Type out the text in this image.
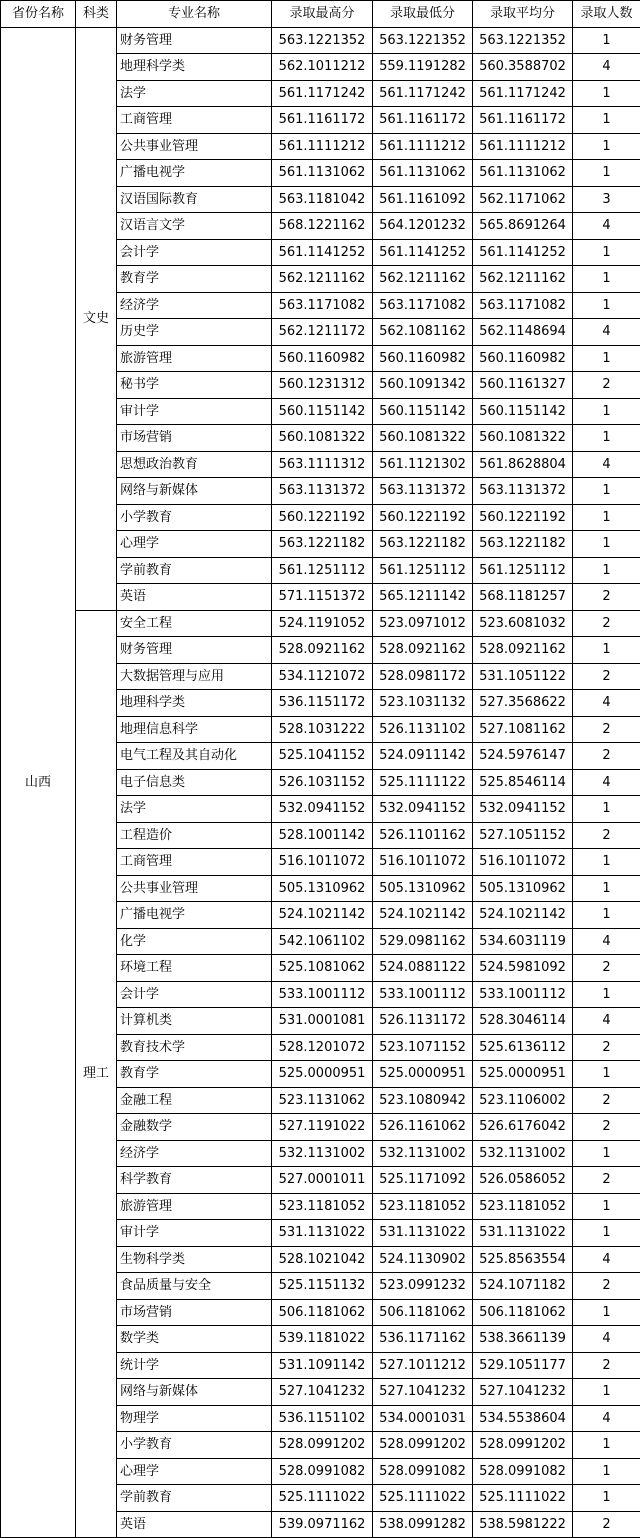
省份名称	科类	专业名称	录取最高分	录取最低分	录取平均分	录取人数
山西	文史	财务管理	563.1221352	563.1221352	563.1221352	1
		地理科学类	562.1011212	559.1191282	560.3588702	4
		法学	561.1171242	561.1171242	561.1171242	1
		工商管理	561.1161172	561.1161172	561.1161172	1
		公共事业管理	561.1111212	561.1111212	561.1111212	1
		广播电视学	561.1131062	561.1131062	561.1131062	1
		汉语国际教育	563.1181042	561.1161092	562.1171062	3
		汉语言文学	568.1221162	564.1201232	565.8691264	4
		会计学	561.1141252	561.1141252	561.1141252	1
		教育学	562.1211162	562.1211162	562.1211162	1
		经济学	563.1171082	563.1171082	563.1171082	1
		历史学	562.1211172	562.1081162	562.1148694	4
		旅游管理	560.1160982	560.1160982	560.1160982	1
		秘书学	560.1231312	560.1091342	560.1161327	2
		审计学	560.1151142	560.1151142	560.1151142	1
		市场营销	560.1081322	560.1081322	560.1081322	1
		思想政治教育	563.1111312	561.1121302	561.8628804	4
		网络与新媒体	563.1131372	563.1131372	563.1131372	1
		小学教育	560.1221192	560.1221192	560.1221192	1
		心理学	563.1221182	563.1221182	563.1221182	1
		学前教育	561.1251112	561.1251112	561.1251112	1
		英语	571.1151372	565.1211142	568.1181257	2
	理工	安全工程	524.1191052	523.0971012	523.6081032	2
		财务管理	528.0921162	528.0921162	528.0921162	1
		大数据管理与应用	534.1121072	528.0981172	531.1051122	2
		地理科学类	536.1151172	523.1031132	527.3568622	4
		地理信息科学	528.1031222	526.1131102	527.1081162	2
		电气工程及其自动化	525.1041152	524.0911142	524.5976147	2
		电子信息类	526.1031152	525.1111122	525.8546114	4
		法学	532.0941152	532.0941152	532.0941152	1
		工程造价	528.1001142	526.1101162	527.1051152	2
		工商管理	516.1011072	516.1011072	516.1011072	1
		公共事业管理	505.1310962	505.1310962	505.1310962	1
		广播电视学	524.1021142	524.1021142	524.1021142	1
		化学	542.1061102	529.0981162	534.6031119	4
		环境工程	525.1081062	524.0881122	524.5981092	2
		会计学	533.1001112	533.1001112	533.1001112	1
		计算机类	531.0001081	526.1131172	528.3046114	4
		教育技术学	528.1201072	523.1071152	525.6136112	2
		教育学	525.0000951	525.0000951	525.0000951	1
		金融工程	523.1131062	523.1080942	523.1106002	2
		金融数学	527.1191022	526.1161062	526.6176042	2
		经济学	532.1131002	532.1131002	532.1131002	1
		科学教育	527.0001011	525.1171092	526.0586052	2
		旅游管理	523.1181052	523.1181052	523.1181052	1
		审计学	531.1131022	531.1131022	531.1131022	1
		生物科学类	528.1021042	524.1130902	525.8563554	4
		食品质量与安全	525.1151132	523.0991232	524.1071182	2
		市场营销	506.1181062	506.1181062	506.1181062	1
		数学类	539.1181022	536.1171162	538.3661139	4
		统计学	531.1091142	527.1011212	529.1051177	2
		网络与新媒体	527.1041232	527.1041232	527.1041232	1
		物理学	536.1151102	534.0001031	534.5538604	4
		小学教育	528.0991202	528.0991202	528.0991202	1
		心理学	528.0991082	528.0991082	528.0991082	1
		学前教育	525.1111022	525.1111022	525.1111022	1
		英语	539.0971162	538.0991282	538.5981222	2
